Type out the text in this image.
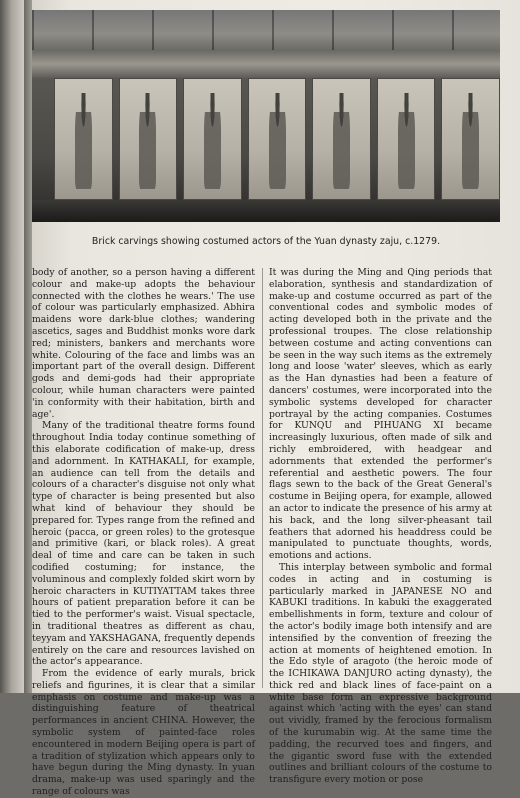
Brick carvings showing costumed actors of the Yuan dynasty zaju, c.1279.

body of another, so a person having a different colour and make-up adopts the behaviour connected with the clothes he wears.' The use of colour was particularly emphasized. Abhira maidens wore dark-blue clothes; wandering ascetics, sages and Buddhist monks wore dark red; ministers, bankers and merchants wore white. Colouring of the face and limbs was an important part of the overall design. Different gods and demi-gods had their appropriate colour, while human characters were painted 'in conformity with their habitation, birth and age'.

Many of the traditional theatre forms found throughout India today continue something of this elaborate codification of make-up, dress and adornment. In KATHAKALI, for example, an audience can tell from the details and colours of a character's disguise not only what type of character is being presented but also what kind of behaviour they should be prepared for. Types range from the refined and heroic (pacca, or green roles) to the grotesque and primitive (kari, or black roles). A great deal of time and care can be taken in such codified costuming; for instance, the voluminous and complexly folded skirt worn by heroic characters in KUTIYATTAM takes three hours of patient preparation before it can be tied to the performer's waist. Visual spectacle, in traditional theatres as different as chau, teyyam and YAKSHAGANA, frequently depends entirely on the care and resources lavished on the actor's appearance.

From the evidence of early murals, brick reliefs and figurines, it is clear that a similar emphasis on costume and make-up was a distinguishing feature of theatrical performances in ancient CHINA. However, the symbolic system of painted-face roles encountered in modern Beijing opera is part of a tradition of stylization which appears only to have begun during the Ming dynasty. In yuan drama, make-up was used sparingly and the range of colours was

It was during the Ming and Qing periods that elaboration, synthesis and standardization of make-up and costume occurred as part of the conventional codes and symbolic modes of acting developed both in the private and the professional troupes. The close relationship between costume and acting conventions can be seen in the way such items as the extremely long and loose 'water' sleeves, which as early as the Han dynasties had been a feature of dancers' costumes, were incorporated into the symbolic systems developed for character portrayal by the acting companies. Costumes for KUNQU and PIHUANG XI became increasingly luxurious, often made of silk and richly embroidered, with headgear and adornments that extended the performer's referential and aesthetic powers. The four flags sewn to the back of the Great General's costume in Beijing opera, for example, allowed an actor to indicate the presence of his army at his back, and the long silver-pheasant tail feathers that adorned his headdress could be manipulated to punctuate thoughts, words, emotions and actions.

This interplay between symbolic and formal codes in acting and in costuming is particularly marked in JAPANESE NO and KABUKI traditions. In kabuki the exaggerated embellishments in form, texture and colour of the actor's bodily image both intensify and are intensified by the convention of freezing the action at moments of heightened emotion. In the Edo style of aragoto (the heroic mode of the ICHIKAWA DANJURO acting dynasty), the thick red and black lines of face-paint on a white base form an expressive background against which 'acting with the eyes' can stand out vividly, framed by the ferocious formalism of the kurumabin wig. At the same time the padding, the recurved toes and fingers, and the gigantic sword fuse with the extended outlines and brilliant colours of the costume to transfigure every motion or pose
